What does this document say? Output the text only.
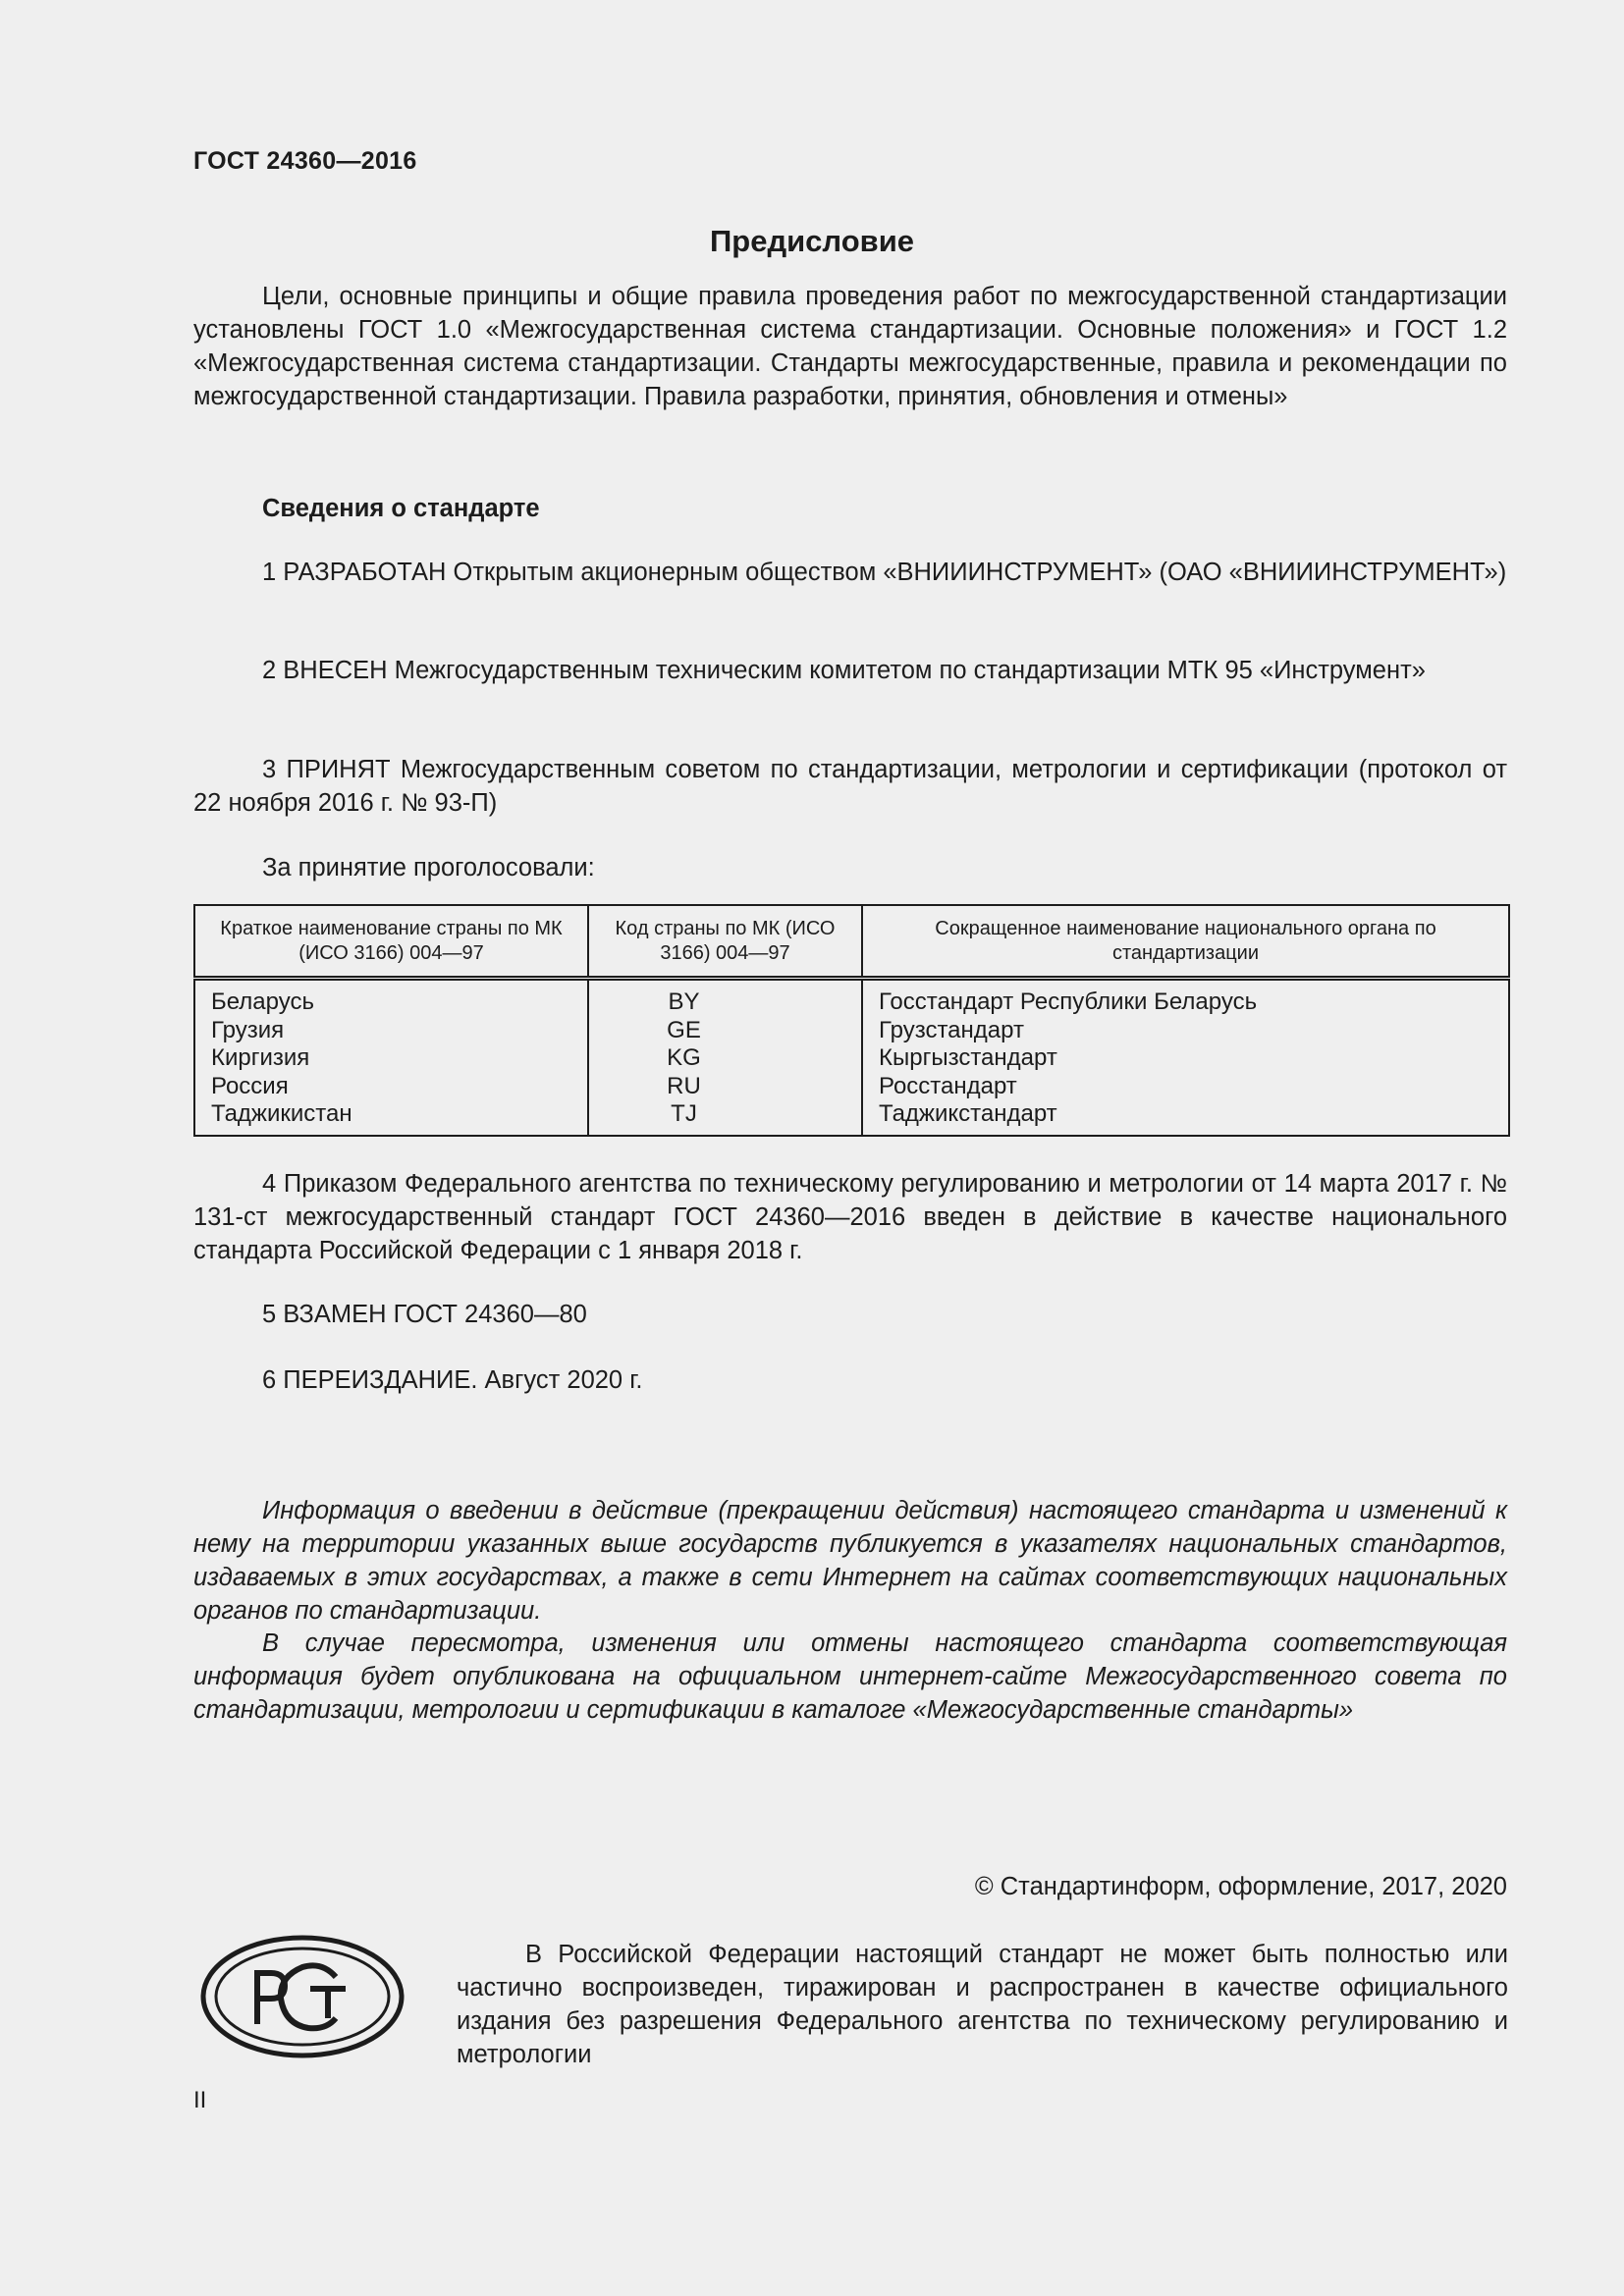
ГОСТ 24360—2016
Предисловие

Цели, основные принципы и общие правила проведения работ по межгосударственной стандартизации установлены ГОСТ 1.0 «Межгосударственная система стандартизации. Основные положения» и ГОСТ 1.2 «Межгосударственная система стандартизации. Стандарты межгосударственные, правила и рекомендации по межгосударственной стандартизации. Правила разработки, принятия, обновления и отмены»

Сведения о стандарте

1 РАЗРАБОТАН Открытым акционерным обществом «ВНИИИНСТРУМЕНТ» (ОАО «ВНИИИНСТРУМЕНТ»)

2 ВНЕСЕН Межгосударственным техническим комитетом по стандартизации МТК 95 «Инструмент»

3 ПРИНЯТ Межгосударственным советом по стандартизации, метрологии и сертификации (протокол от 22 ноября 2016 г. № 93-П)

За принятие проголосовали:

Краткое наименование страны по МК (ИСО 3166) 004—97	Код страны по МК (ИСО 3166) 004—97	Сокращенное наименование национального органа по стандартизации
Беларусь	BY	Госстандарт Республики Беларусь
Грузия	GE	Грузстандарт
Киргизия	KG	Кыргызстандарт
Россия	RU	Росстандарт
Таджикистан	TJ	Таджикстандарт

4 Приказом Федерального агентства по техническому регулированию и метрологии от 14 марта 2017 г. № 131-ст межгосударственный стандарт ГОСТ 24360—2016 введен в действие в качестве национального стандарта Российской Федерации с 1 января 2018 г.

5 ВЗАМЕН ГОСТ 24360—80

6 ПЕРЕИЗДАНИЕ. Август 2020 г.

Информация о введении в действие (прекращении действия) настоящего стандарта и изменений к нему на территории указанных выше государств публикуется в указателях национальных стандартов, издаваемых в этих государствах, а также в сети Интернет на сайтах соответствующих национальных органов по стандартизации.

В случае пересмотра, изменения или отмены настоящего стандарта соответствующая информация будет опубликована на официальном интернет-сайте Межгосударственного совета по стандартизации, метрологии и сертификации в каталоге «Межгосударственные стандарты»

© Стандартинформ, оформление, 2017, 2020

В Российской Федерации настоящий стандарт не может быть полностью или частично воспроизведен, тиражирован и распространен в качестве официального издания без разрешения Федерального агентства по техническому регулированию и метрологии

II
